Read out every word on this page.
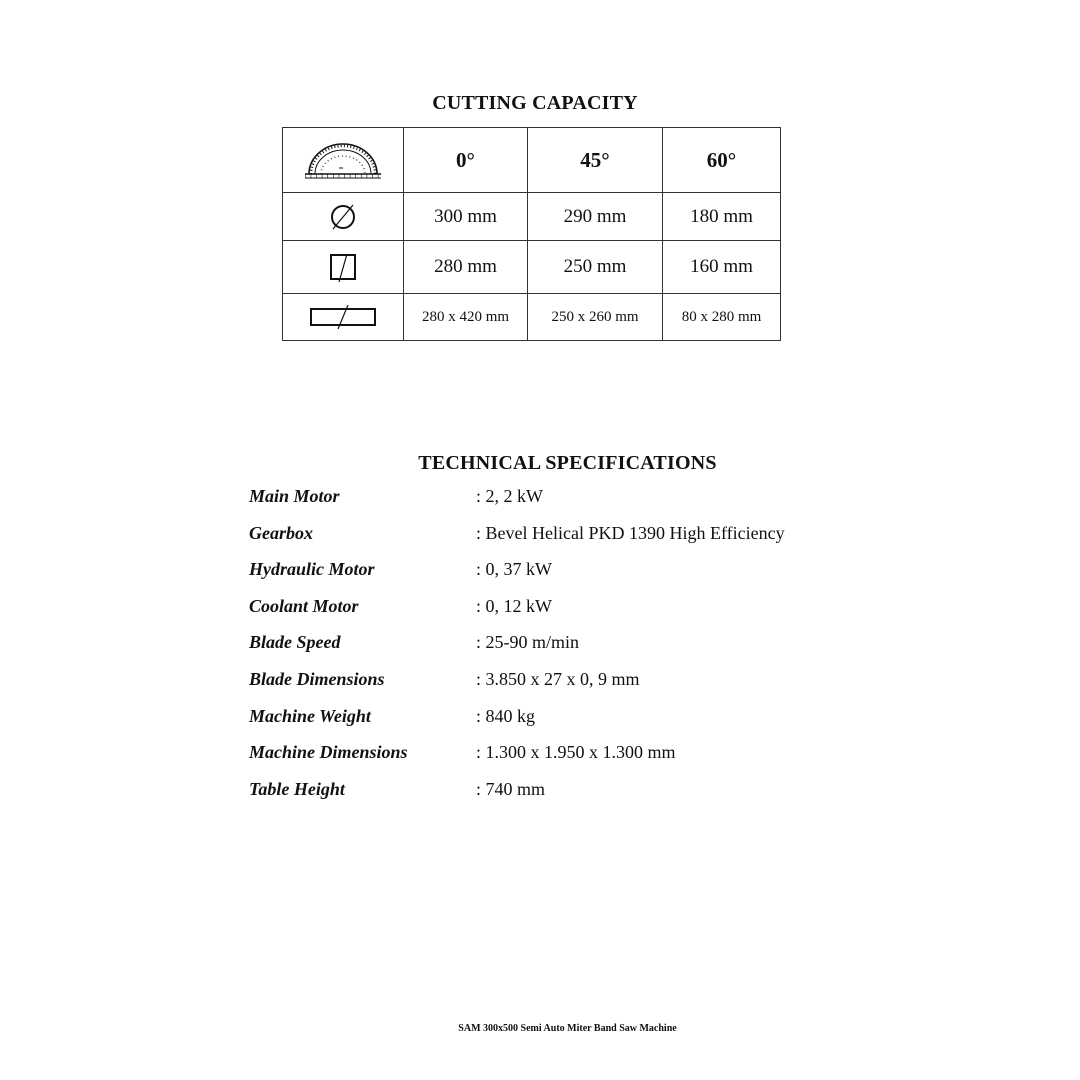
CUTTING CAPACITY
	0°	45°	60°

	300 mm	290 mm	180 mm

	280 mm	250 mm	160 mm

	280 x 420 mm	250 x 260 mm	80 x 280 mm
TECHNICAL SPECIFICATIONS
Main Motor	: 2, 2 kW
Gearbox	: Bevel Helical PKD 1390 High Efficiency
Hydraulic Motor	: 0, 37 kW
Coolant Motor	: 0, 12 kW
Blade Speed	: 25-90 m/min
Blade Dimensions	: 3.850 x 27 x 0, 9 mm
Machine Weight	: 840 kg
Machine Dimensions	: 1.300 x 1.950 x 1.300 mm
Table Height	: 740 mm
SAM 300x500 Semi Auto Miter Band Saw Machine
